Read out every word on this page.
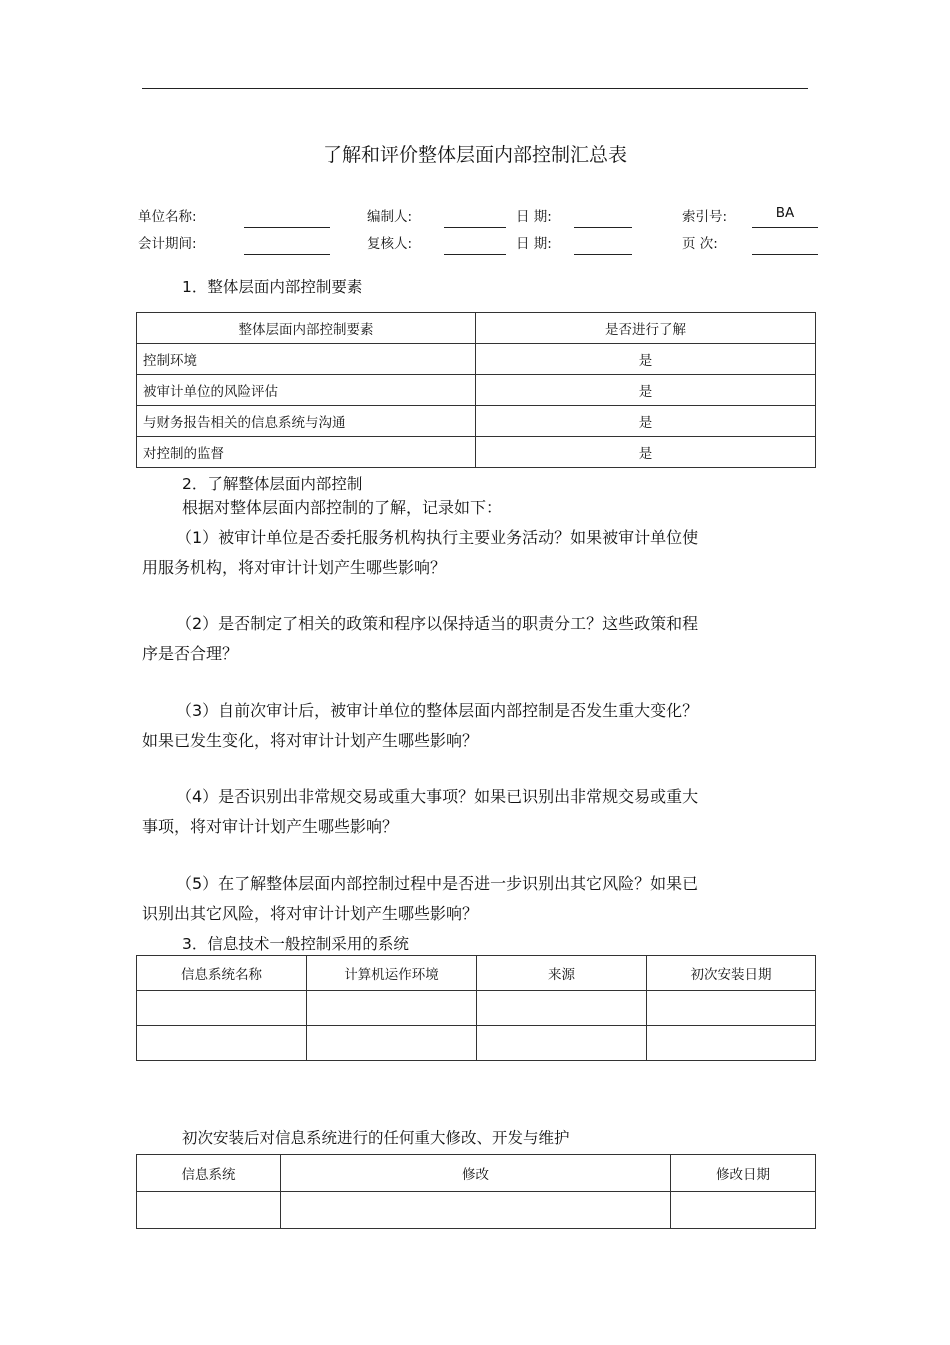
了解和评价整体层面内部控制汇总表
单位名称:	编制人:	日 期:	索引号:	BA
会计期间:	复核人:	日 期:	页 次:
1．整体层面内部控制要素
整体层面内部控制要素	是否进行了解
控制环境	是
被审计单位的风险评估	是
与财务报告相关的信息系统与沟通	是
对控制的监督	是
2．了解整体层面内部控制
根据对整体层面内部控制的了解，记录如下：
（1）被审计单位是否委托服务机构执行主要业务活动？如果被审计单位使
用服务机构，将对审计计划产生哪些影响？
（2）是否制定了相关的政策和程序以保持适当的职责分工？这些政策和程
序是否合理？
（3）自前次审计后，被审计单位的整体层面内部控制是否发生重大变化？
如果已发生变化，将对审计计划产生哪些影响？
（4）是否识别出非常规交易或重大事项？如果已识别出非常规交易或重大
事项，将对审计计划产生哪些影响？
（5）在了解整体层面内部控制过程中是否进一步识别出其它风险？如果已
识别出其它风险，将对审计计划产生哪些影响？
3．信息技术一般控制采用的系统
信息系统名称	计算机运作环境	来源	初次安装日期

初次安装后对信息系统进行的任何重大修改、开发与维护
信息系统	修改	修改日期
